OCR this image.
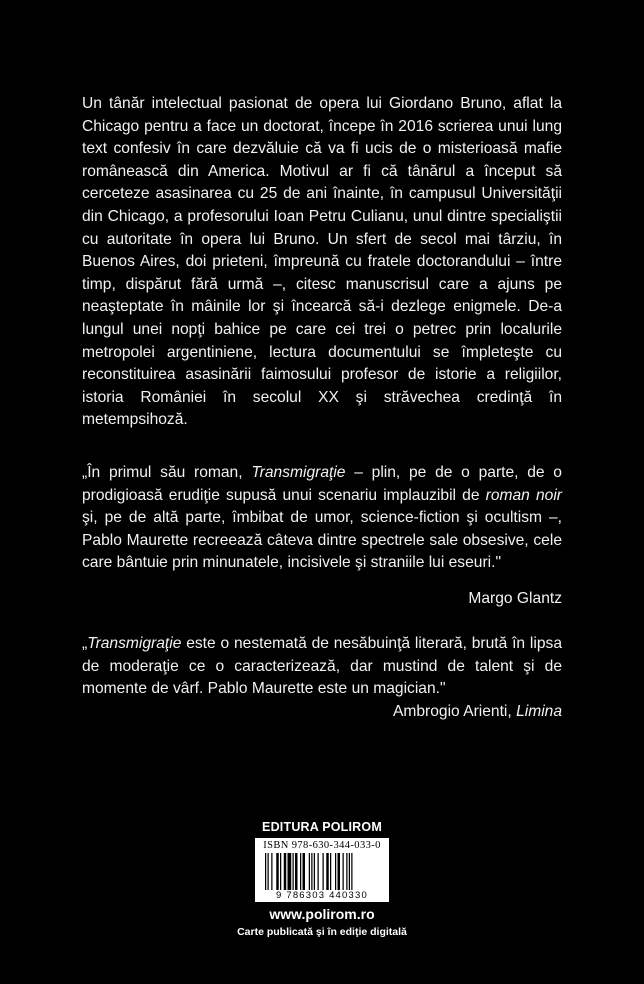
Un tânăr intelectual pasionat de opera lui Giordano Bruno, aflat la Chicago pentru a face un doctorat, începe în 2016 scrierea unui lung text confesiv în care dezvăluie că va fi ucis de o misterioasă mafie românească din America. Motivul ar fi că tânărul a început să cerceteze asasinarea cu 25 de ani înainte, în campusul Universităţii din Chicago, a profesorului Ioan Petru Culianu, unul dintre specialiştii cu autoritate în opera lui Bruno. Un sfert de secol mai târziu, în Buenos Aires, doi prieteni, împreună cu fratele doctorandului – între timp, dispărut fără urmă –, citesc manuscrisul care a ajuns pe neaşteptate în mâinile lor şi încearcă să-i dezlege enigmele. De-a lungul unei nopţi bahice pe care cei trei o petrec prin localurile metropolei argentiniene, lectura documentului se împleteşte cu reconstituirea asasinării faimosului profesor de istorie a religiilor, istoria României în secolul XX şi străvechea credinţă în metempsihoză.
„În primul său roman, Transmigraţie – plin, pe de o parte, de o prodigioasă erudiţie supusă unui scenariu implauzibil de roman noir şi, pe de altă parte, îmbibat de umor, science-fiction şi ocultism –, Pablo Maurette recreează câteva dintre spectrele sale obsesive, cele care bântuie prin minunatele, incisivele şi straniile lui eseuri."
Margo Glantz
„Transmigraţie este o nestemată de nesăbuinţă literară, brută în lipsa de moderaţie ce o caracterizează, dar mustind de talent şi de momente de vârf. Pablo Maurette este un magician."
Ambrogio Arienti, Limina
EDITURA POLIROM
ISBN 978-630-344-033-0
9 786303 440330
www.polirom.ro
Carte publicată şi în ediţie digitală
